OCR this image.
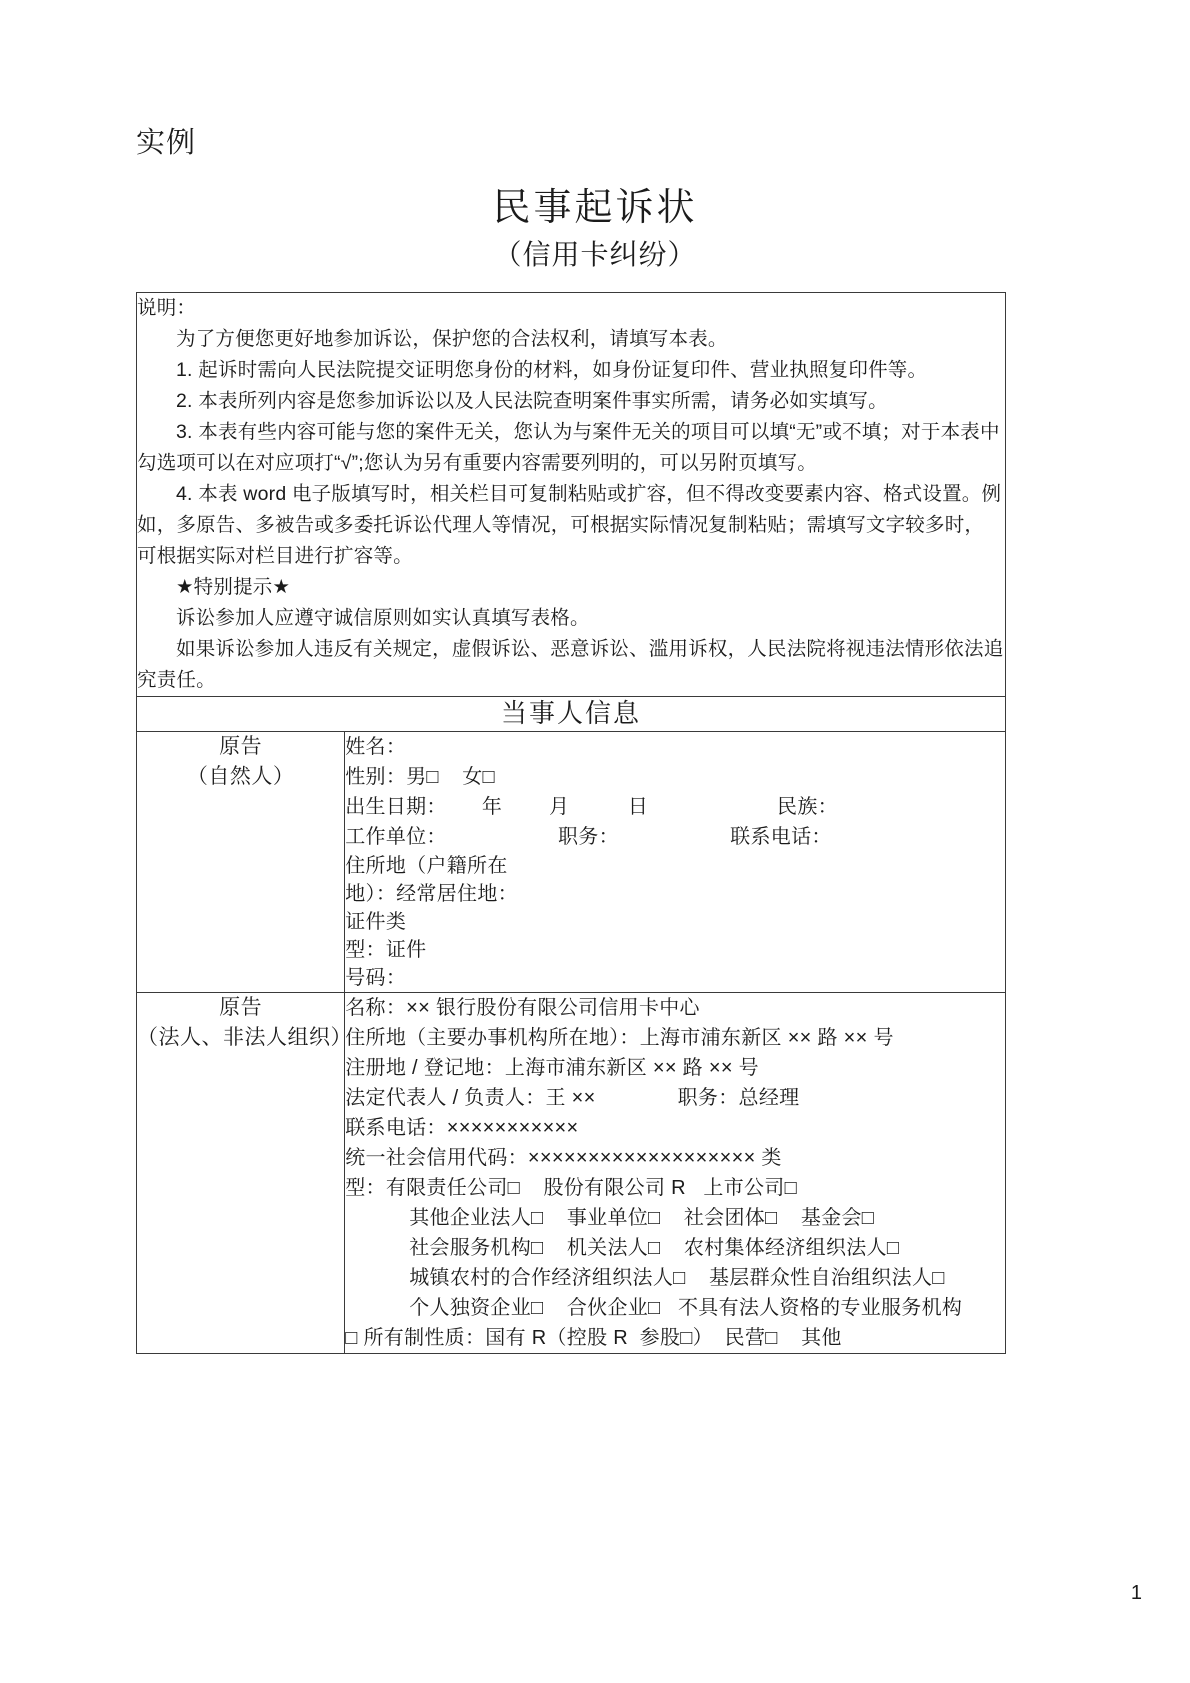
实例
民事起诉状

（信用卡纠纷）

说明：
为了方便您更好地参加诉讼，保护您的合法权利，请填写本表。
1. 起诉时需向人民法院提交证明您身份的材料，如身份证复印件、营业执照复印件等。
2. 本表所列内容是您参加诉讼以及人民法院查明案件事实所需，请务必如实填写。
3. 本表有些内容可能与您的案件无关，您认为与案件无关的项目可以填“无”或不填；对于本表中勾选项可以在对应项打“√”;您认为另有重要内容需要列明的，可以另附页填写。
4. 本表 word 电子版填写时，相关栏目可复制粘贴或扩容，但不得改变要素内容、格式设置。例 如，多原告、多被告或多委托诉讼代理人等情况，可根据实际情况复制粘贴；需填写文字较多时， 可根据实际对栏目进行扩容等。
★特别提示★
诉讼参加人应遵守诚信原则如实认真填写表格。
如果诉讼参加人违反有关规定，虚假诉讼、恶意诉讼、滥用诉权，人民法院将视违法情形依法追究责任。

当事人信息	

原告
（自然人）

姓名：
性别：男□    女□
出生日期：      年        月          日                      民族：
工作单位：                   职务：                   联系电话：
住所地（户籍所在
地）：经常居住地：
证件类
型：证件
号码：

原告
（法人、非法人组织）

名称：×× 银行股份有限公司信用卡中心
住所地（主要办事机构所在地）：上海市浦东新区 ×× 路 ×× 号
注册地 / 登记地：上海市浦东新区 ×× 路 ×× 号
法定代表人 / 负责人：王 ××              职务：总经理
联系电话：×××××××××××
统一社会信用代码：××××××××××××××××××× 类
型：有限责任公司□    股份有限公司 R   上市公司□
其他企业法人□    事业单位□    社会团体□    基金会□
社会服务机构□    机关法人□    农村集体经济组织法人□
城镇农村的合作经济组织法人□    基层群众性自治组织法人□
个人独资企业□    合伙企业□   不具有法人资格的专业服务机构
□ 所有制性质：国有 R（控股 R  参股□）  民营□    其他
1
